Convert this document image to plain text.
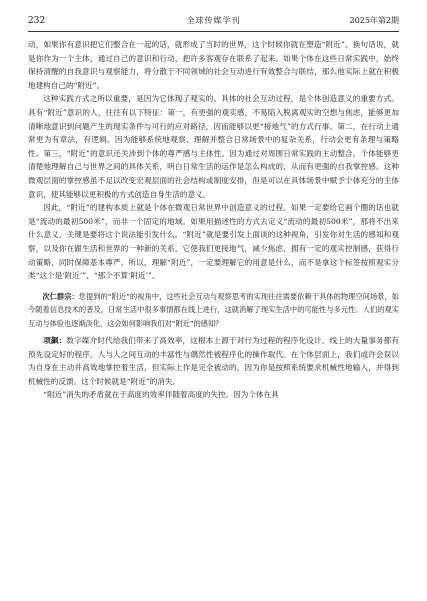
232	全球传媒学刊	2025年第2期

动，如果你有意识把它们整合在一起的话，就形成了当时的世界，这个时候你就在塑造“附近”。换句话说，就是你作为一个主体，通过自己的意识和行动，把许多客观存在联系了起来。如果个体在这些日常实践中，始终保持清醒的自我意识与观察能力，将分散于不同领域的社会互动进行有效整合与联结，那么他实际上就在积极地建构自己的“附近”。

这种实践方式之所以重要，是因为它体现了观实的、具体的社会互动过程，是个体创造意义的重要方式。具有“附近”意识的人，往往有以下特征：第一，有更强的观实感，不易陷入脱离观实的空想与焦虑，能够更加清晰地意识到问题产生的现实条件与可行的应对路径，因而能够以更“接地气”的方式行事。第二，在行动上通常更为有章法，有逻辑。因为能够系统地观察、理解并整合日常场景中的复杂关系，行动会更有条理与策略性。第三，“附近”的意识还关涉到个体的尊严感与主体性。因为通过对周围日常实践的主动整合，个体能够更清楚地理解自己与世界之间的具体关系，明白日常生活的运作是怎么构成的，从而有更强的自我掌控感。这种微观层面的掌控感虽不足以改变宏观层面的社会结构或制度安排，但是可以在具体场景中赋予个体充分的主体意识，使其能够以更积极的方式创造自身生活的意义。

因此，“附近”的建构本质上就是个体在微观日常世界中创造意义的过程。如果一定要给它画个圈的话也就是“流动的最初500米”，而非一个固定的地域。如果用描述性的方式去定义“流动的最初500米”，那将不出来什么意义，关键是要将这个说法能引发什么。“附近”就是要引发上面谈的这种视角，引发你对生活的感知和观察，以及你在跟生活和世界的一种新的关系，它使我们更接地气，减少焦虑，拥有一定的观实控制感，获得行动策略，同时保障基本尊严。所以，理解“附近”，一定要理解它的用意是什么，而不是拿这个标签按照观实分类“这个是‘附近’”、“那个不算‘附近’”。

次仁群宗：您提到的“附近”的视角中，这些社会互动与观察思考的实现往往需要依赖于具体的物理空间场景，如今随着信息技术的普及，日常生活中很多事情都在线上进行，这就消解了现实生活中的可能性与多元性。人们的观实互动与体验也逐渐淡化，这会如何影响我们对“附近”的感知？

项飙：数字媒介时代给我们带来了高效率，这根本上源于对行为过程的程序化设计。线上的大量事务都有预先设定好的程序，人与人之间互动的丰富性与偶然性被程序化的操作取代。在个体层面上，我们或许会误以为自身在主动并高效地掌控着生活，但实际上作是完全被动的，因为你是按照系统要求机械性地输入，并得到机械性的反馈。这个时候就是“附近”的消失。

“附近”消失的矛盾就在于高度的效率伴随着高度的失控。因为个体在具
